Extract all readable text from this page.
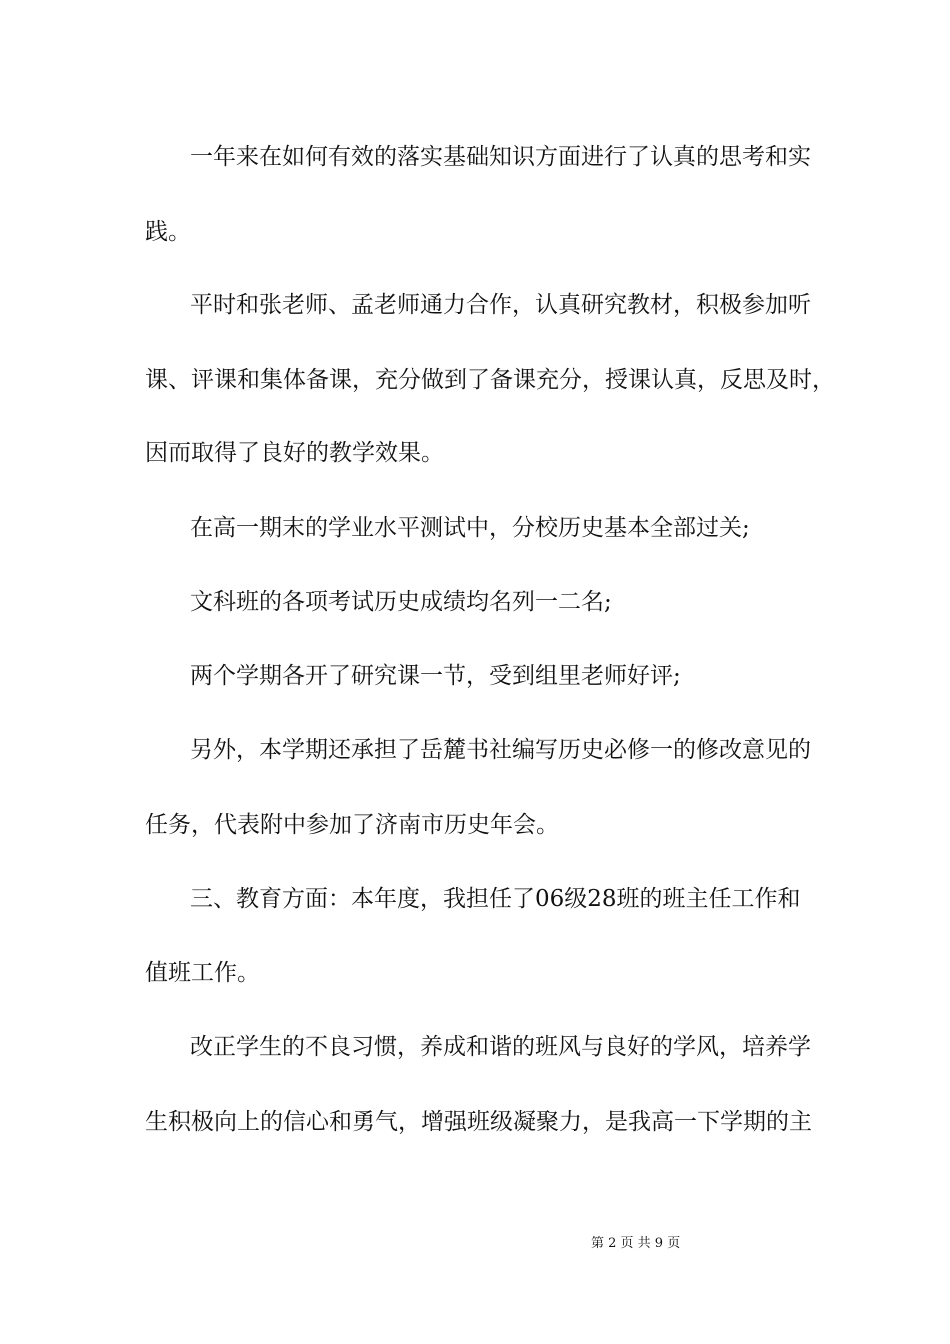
一年来在如何有效的落实基础知识方面进行了认真的思考和实
践。
平时和张老师、孟老师通力合作，认真研究教材，积极参加听
课、评课和集体备课，充分做到了备课充分，授课认真，反思及时，
因而取得了良好的教学效果。
在高一期末的学业水平测试中，分校历史基本全部过关;
文科班的各项考试历史成绩均名列一二名;
两个学期各开了研究课一节，受到组里老师好评;
另外，本学期还承担了岳麓书社编写历史必修一的修改意见的
任务，代表附中参加了济南市历史年会。
三、教育方面：本年度，我担任了06级28班的班主任工作和
值班工作。
改正学生的不良习惯，养成和谐的班风与良好的学风，培养学
生积极向上的信心和勇气，增强班级凝聚力，是我高一下学期的主
第 2 页 共 9 页
